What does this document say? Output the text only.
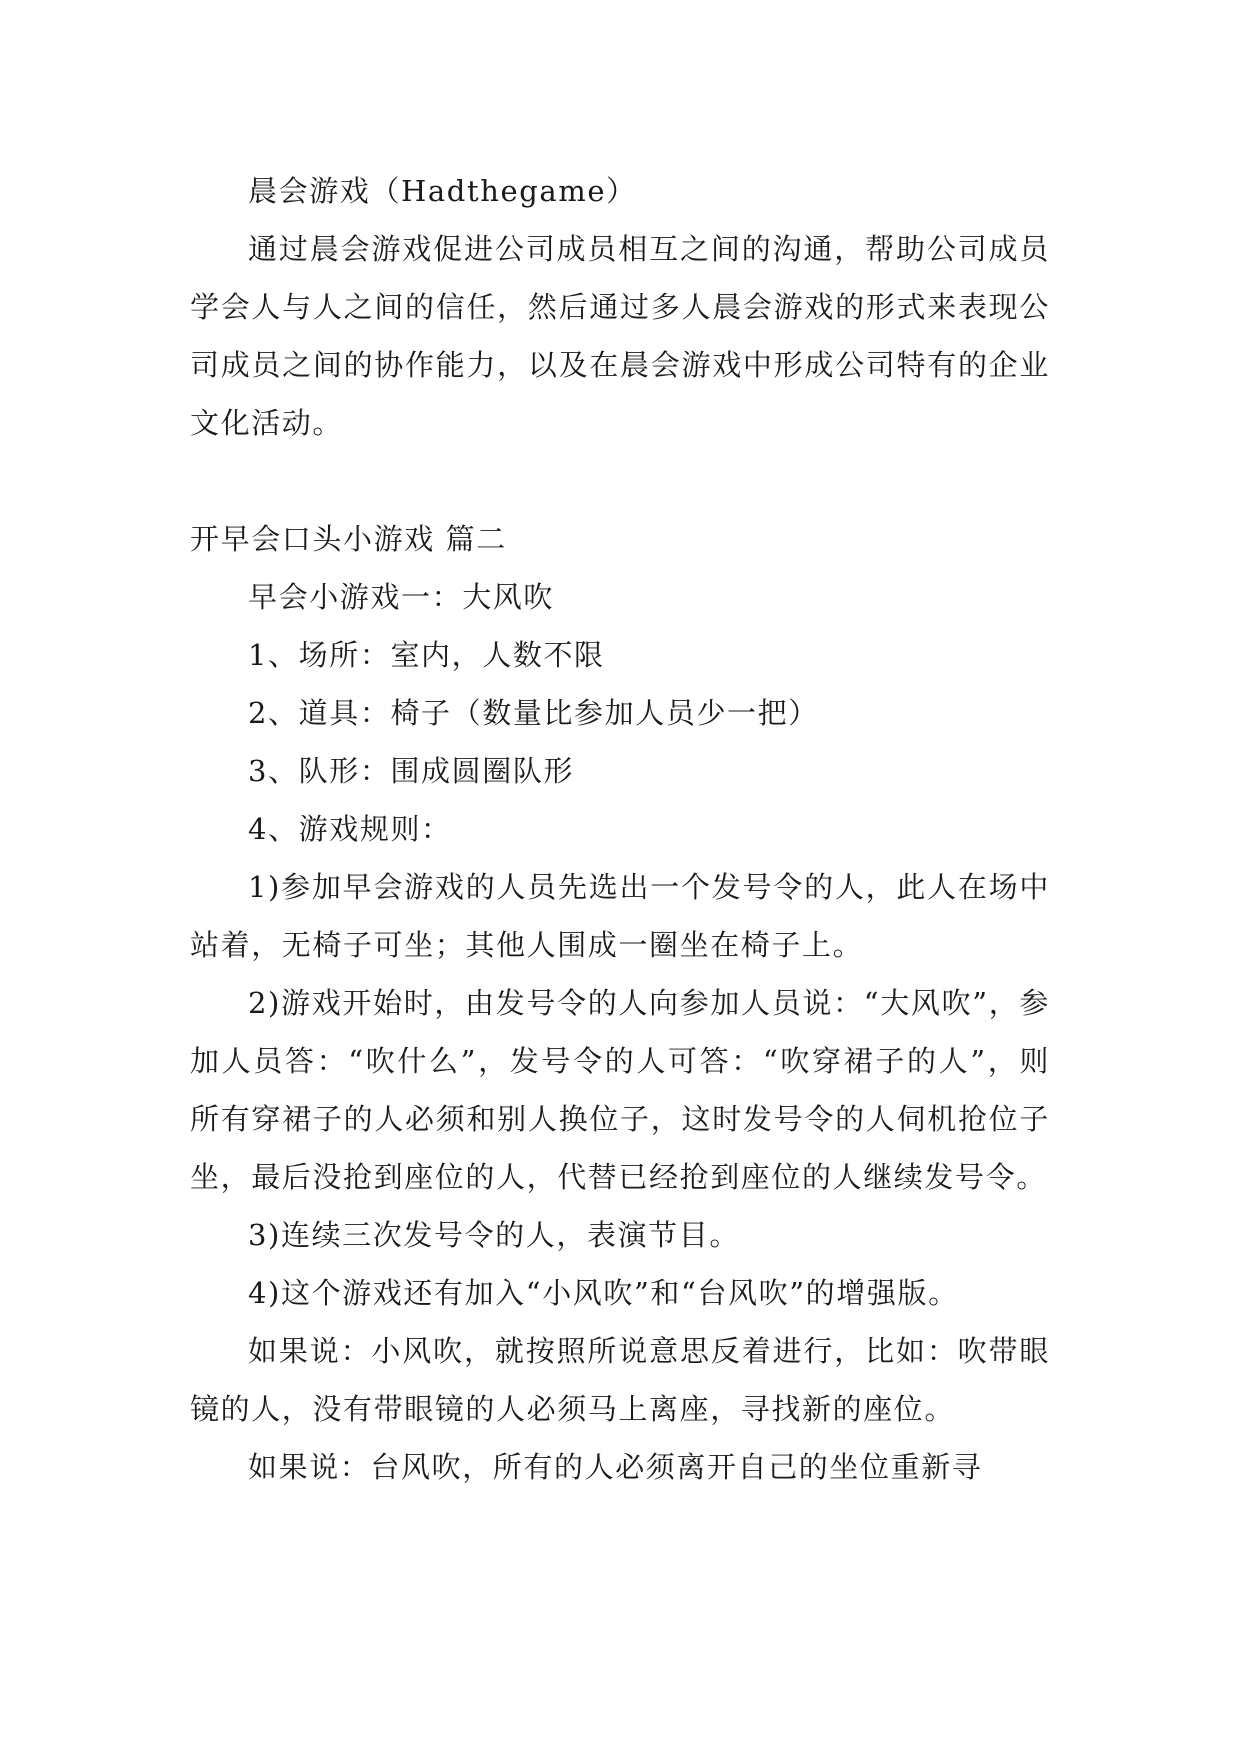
晨会游戏（Hadthegame）

通过晨会游戏促进公司成员相互之间的沟通，帮助公司成员学会人与人之间的信任，然后通过多人晨会游戏的形式来表现公司成员之间的协作能力，以及在晨会游戏中形成公司特有的企业文化活动。

开早会口头小游戏 篇二

早会小游戏一：大风吹

1、场所：室内，人数不限

2、道具：椅子（数量比参加人员少一把）

3、队形：围成圆圈队形

4、游戏规则：

1)参加早会游戏的人员先选出一个发号令的人，此人在场中站着，无椅子可坐；其他人围成一圈坐在椅子上。

2)游戏开始时，由发号令的人向参加人员说：“大风吹”，参加人员答：“吹什么”，发号令的人可答：“吹穿裙子的人”，则所有穿裙子的人必须和别人换位子，这时发号令的人伺机抢位子坐，最后没抢到座位的人，代替已经抢到座位的人继续发号令。

3)连续三次发号令的人，表演节目。

4)这个游戏还有加入“小风吹”和“台风吹”的增强版。

如果说：小风吹，就按照所说意思反着进行，比如：吹带眼镜的人，没有带眼镜的人必须马上离座，寻找新的座位。

如果说：台风吹，所有的人必须离开自己的坐位重新寻
